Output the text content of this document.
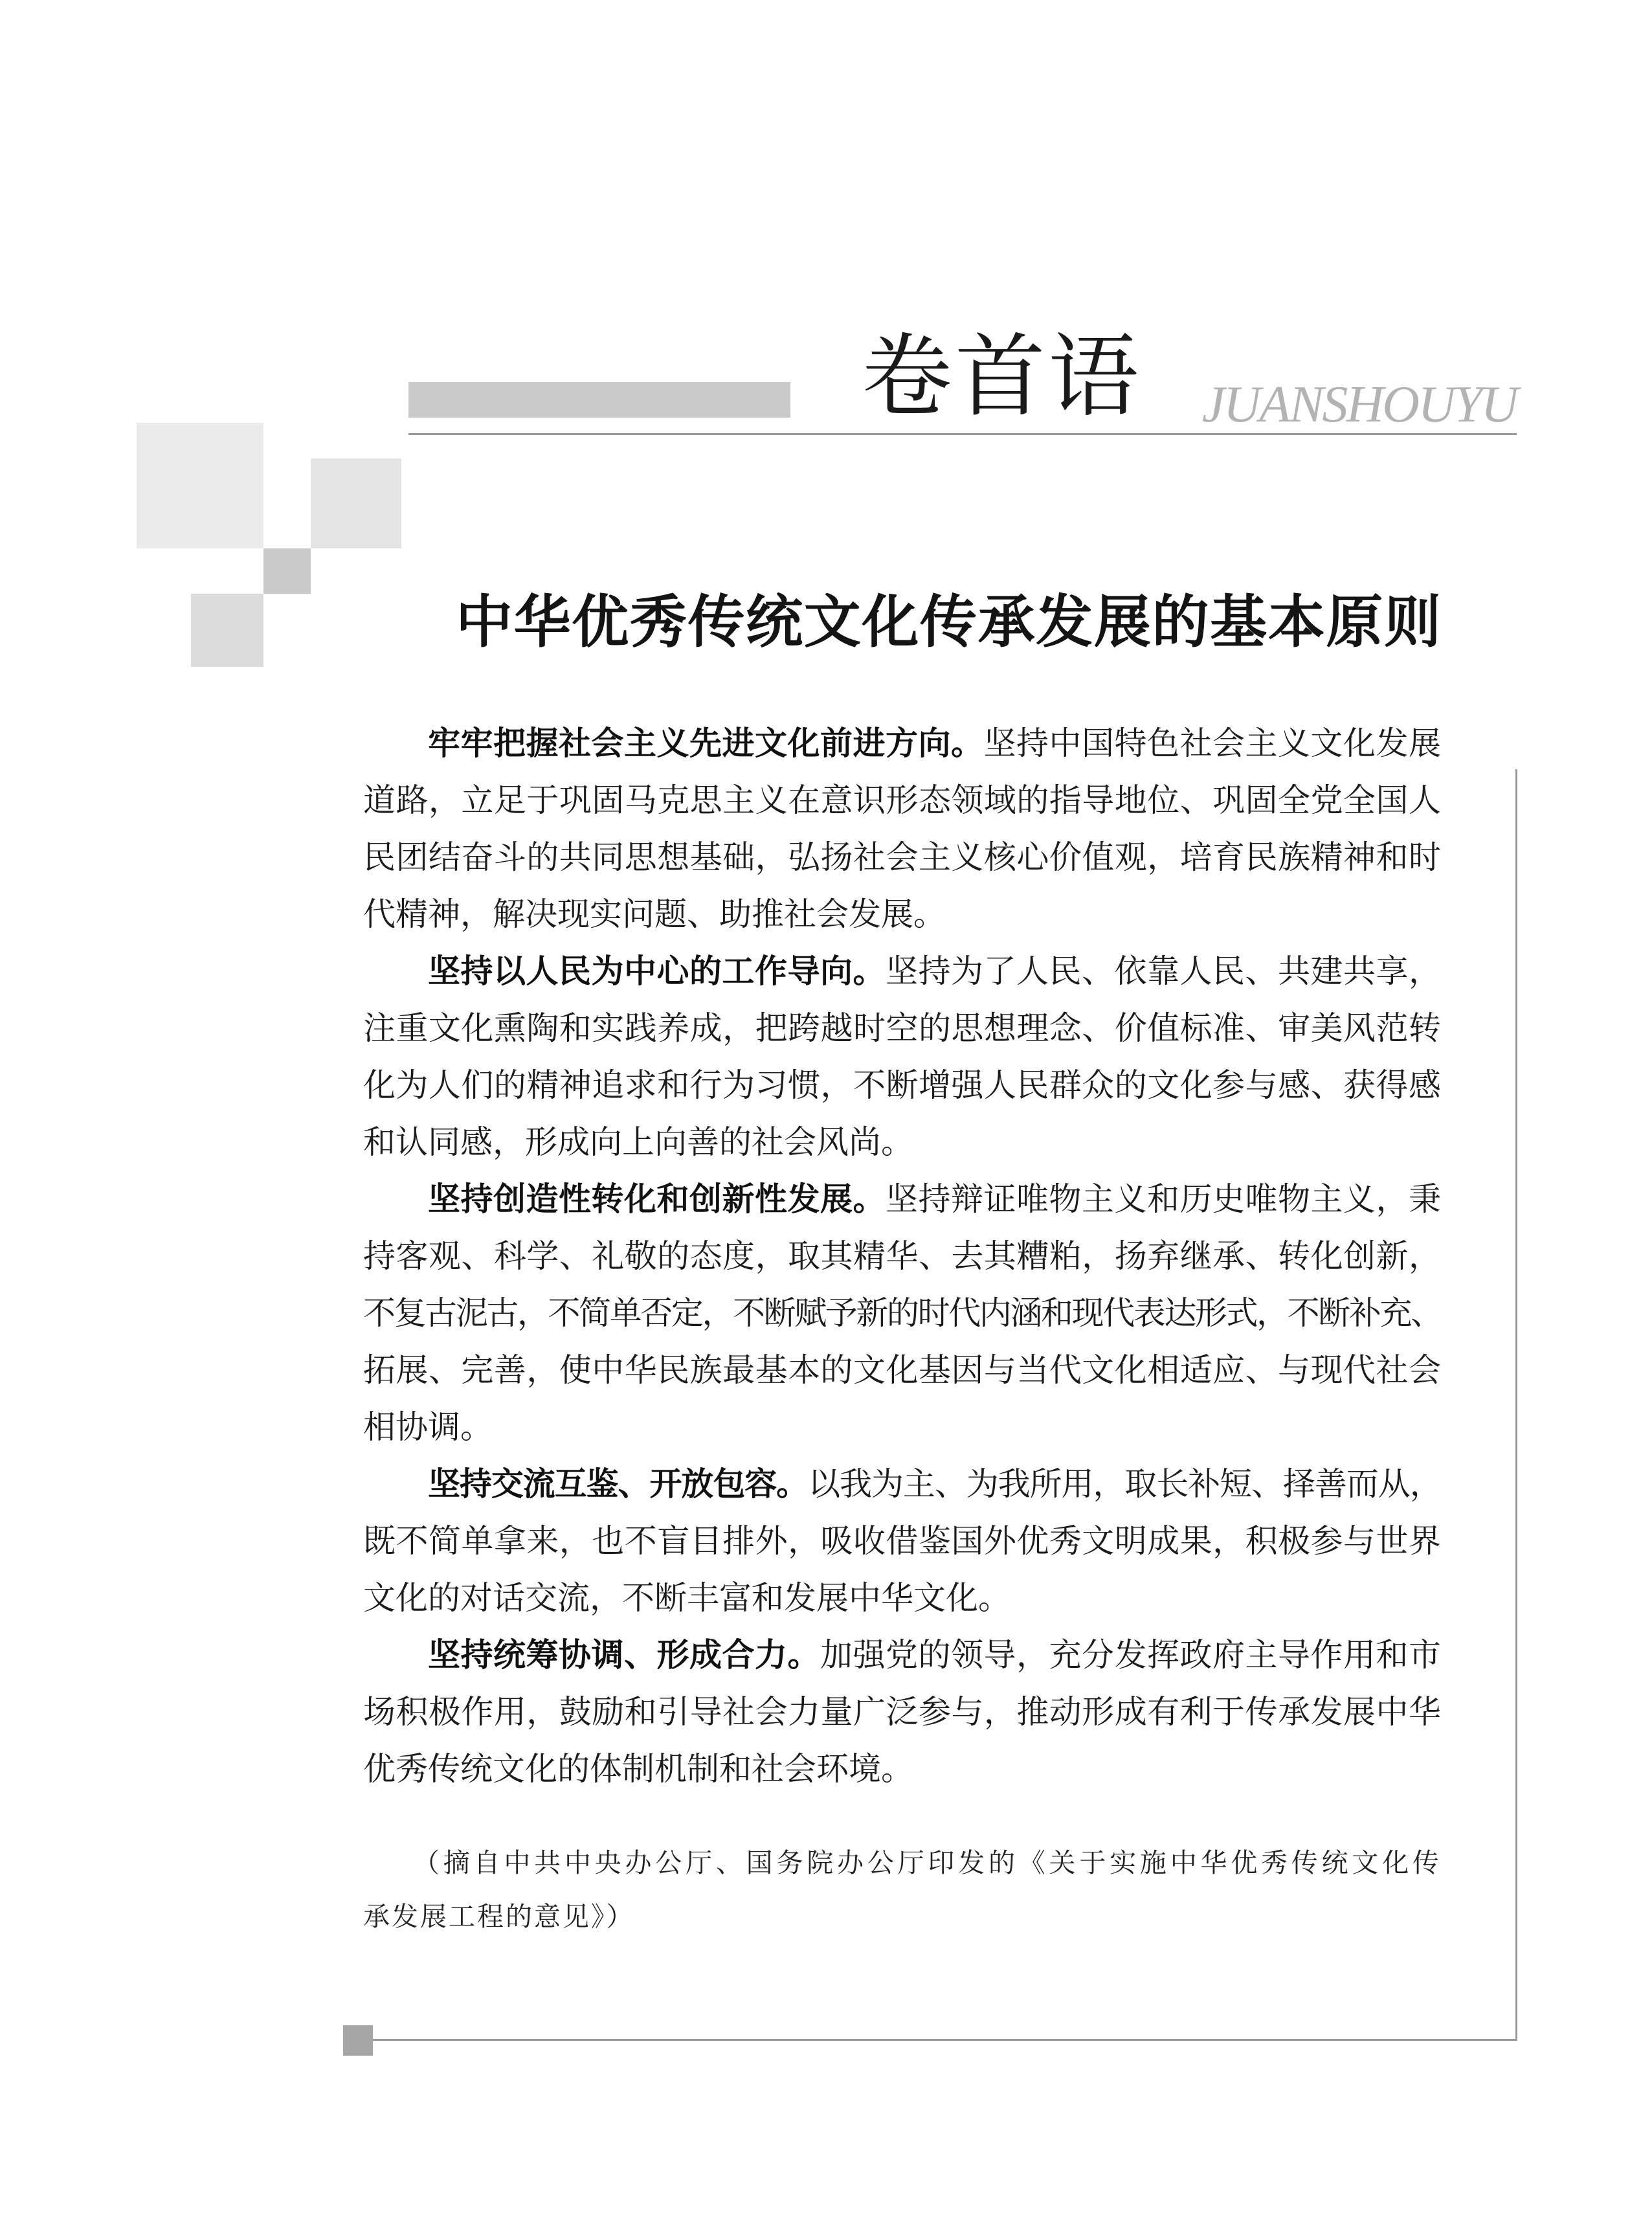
卷首语 JUANSHOUYU
中华优秀传统文化传承发展的基本原则
牢牢把握社会主义先进文化前进方向。坚持中国特色社会主义文化发展
道路，立足于巩固马克思主义在意识形态领域的指导地位、巩固全党全国人
民团结奋斗的共同思想基础，弘扬社会主义核心价值观，培育民族精神和时
代精神，解决现实问题、助推社会发展。
坚持以人民为中心的工作导向。坚持为了人民、依靠人民、共建共享，
注重文化熏陶和实践养成，把跨越时空的思想理念、价值标准、审美风范转
化为人们的精神追求和行为习惯，不断增强人民群众的文化参与感、获得感
和认同感，形成向上向善的社会风尚。
坚持创造性转化和创新性发展。坚持辩证唯物主义和历史唯物主义，秉
持客观、科学、礼敬的态度，取其精华、去其糟粕，扬弃继承、转化创新，
不复古泥古，不简单否定，不断赋予新的时代内涵和现代表达形式，不断补充、
拓展、完善，使中华民族最基本的文化基因与当代文化相适应、与现代社会
相协调。
坚持交流互鉴、开放包容。以我为主、为我所用，取长补短、择善而从，
既不简单拿来，也不盲目排外，吸收借鉴国外优秀文明成果，积极参与世界
文化的对话交流，不断丰富和发展中华文化。
坚持统筹协调、形成合力。加强党的领导，充分发挥政府主导作用和市
场积极作用，鼓励和引导社会力量广泛参与，推动形成有利于传承发展中华
优秀传统文化的体制机制和社会环境。
（摘自中共中央办公厅、国务院办公厅印发的《关于实施中华优秀传统文化传
承发展工程的意见》）
